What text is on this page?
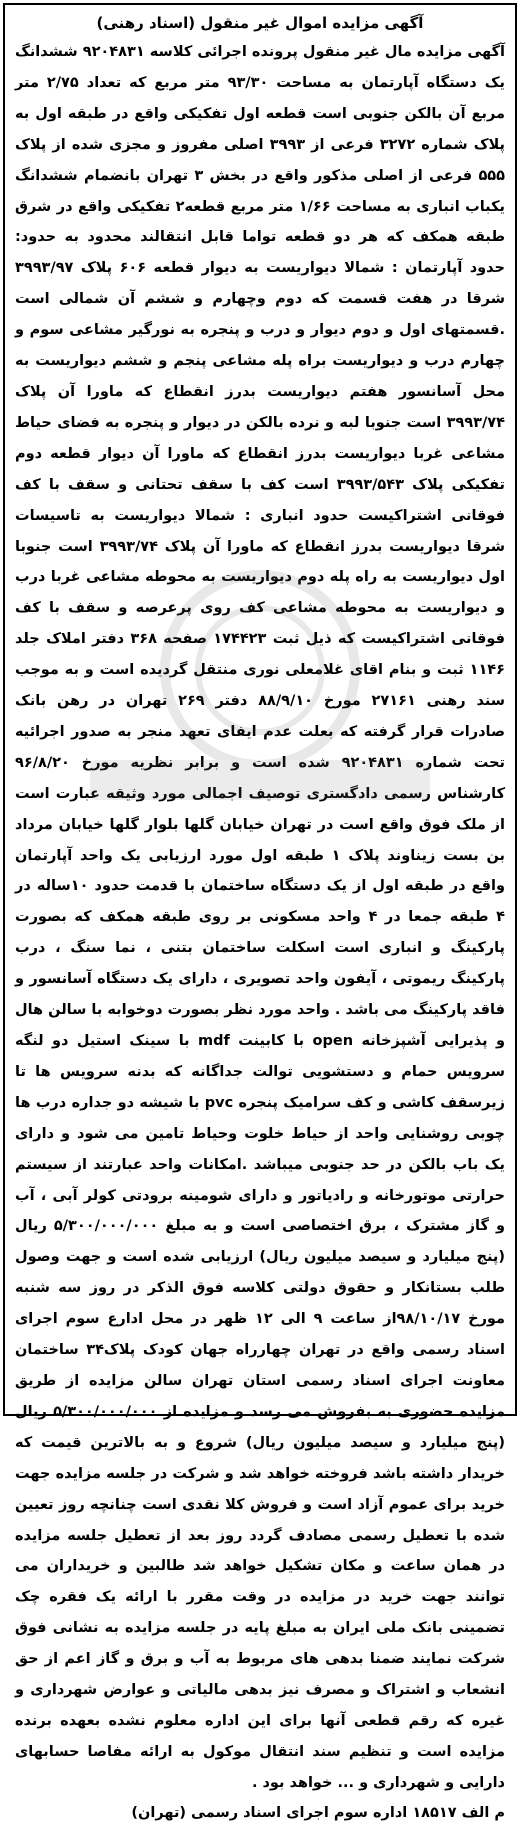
آگهی مزایده اموال غیر منقول (اسناد رهنی)

آگهی مزایده مال غیر منقول پرونده اجرائی کلاسه ۹۲۰۴۸۳۱ ششدانگ یک دستگاه آپارتمان به مساحت ۹۳/۳۰ متر مربع که تعداد ۲/۷۵ متر مربع آن بالکن جنوبی است قطعه اول تفکیکی واقع در طبقه اول به پلاک شماره ۳۲۷۲ فرعی از ۳۹۹۳ اصلی مفروز و مجزی شده از پلاک ۵۵۵ فرعی از اصلی مذکور واقع در بخش ۳ تهران بانضمام ششدانگ یکباب انباری به مساحت ۱/۶۶ متر مربع قطعه۲ تفکیکی واقع در شرق طبقه همکف که هر دو قطعه تواما قابل انتقالند محدود به حدود: حدود آپارتمان : شمالا دیواریست به دیوار قطعه ۶۰۶ پلاک ۳۹۹۳/۹۷ شرقا در هفت قسمت که دوم وچهارم و ششم آن شمالی است .قسمتهای اول و دوم دیوار و درب و پنجره به نورگیر مشاعی سوم و چهارم درب و دیواریست براه پله مشاعی پنجم و ششم دیواریست به محل آسانسور هفتم دیواریست بدرز انقطاع که ماورا آن پلاک ۳۹۹۳/۷۴ است جنوبا لبه و نرده بالکن در دیوار و پنجره به فضای حیاط مشاعی غربا دیواریست بدرز انقطاع که ماورا آن دیوار قطعه دوم تفکیکی پلاک ۳۹۹۳/۵۴۳ است کف با سقف تحتانی و سقف با کف فوقانی اشتراکیست حدود انباری : شمالا دیواریست به تاسیسات شرقا دیواریست بدرز انقطاع که ماورا آن پلاک ۳۹۹۳/۷۴ است جنوبا اول دیواریست به راه پله دوم دیواریست به محوطه مشاعی غربا درب و دیواریست به محوطه مشاعی کف روی پرعرصه و سقف با کف فوقانی اشتراکیست که ذیل ثبت ۱۷۴۴۲۳ صفحه ۳۶۸ دفتر املاک جلد ۱۱۴۶ ثبت و بنام اقای غلامعلی نوری منتقل گردیده است و به موجب سند رهنی ۲۷۱۶۱ مورخ ۸۸/۹/۱۰ دفتر ۲۶۹ تهران در رهن بانک صادرات قرار گرفته که بعلت عدم ایفای تعهد منجر به صدور اجرائیه تحت شماره ۹۲۰۴۸۳۱ شده است و برابر نظریه مورخ ۹۶/۸/۲۰ کارشناس رسمی دادگستری توصیف اجمالی مورد وثیقه عبارت است از ملک فوق واقع است در تهران خیابان گلها بلوار گلها خیابان مرداد بن بست زیناوند پلاک ۱ طبقه اول مورد ارزیابی یک واحد آپارتمان واقع در طبقه اول از یک دستگاه ساختمان با قدمت حدود ۱۰ساله در ۴ طبقه جمعا در ۴ واحد مسکونی بر روی طبقه همکف که بصورت پارکینگ و انباری است اسکلت ساختمان بتنی ، نما سنگ ، درب پارکینگ ریموتی ، آیفون واحد تصویری ، دارای یک دستگاه آسانسور و فاقد پارکینگ می باشد . واحد مورد نظر بصورت دوخوابه با سالن هال و پذیرایی آشپزخانه open با کابینت mdf با سینک استیل دو لنگه سرویس حمام و دستشویی توالت جداگانه که بدنه سرویس ها تا زیرسقف کاشی و کف سرامیک پنجره pvc با شیشه دو جداره درب ها چوبی روشنایی واحد از حیاط خلوت وحیاط تامین می شود و دارای یک باب بالکن در حد جنوبی میباشد .امکانات واحد عبارتند از سیستم حرارتی موتورخانه و رادیاتور و دارای شومینه برودتی کولر آبی ، آب و گاز مشترک ، برق اختصاصی است و به مبلغ ۵/۳۰۰/۰۰۰/۰۰۰ ریال (پنج میلیارد و سیصد میلیون ریال) ارزیابی شده است و جهت وصول طلب بستانکار و حقوق دولتی کلاسه فوق الذکر در روز سه شنبه مورخ ۹۸/۱۰/۱۷از ساعت ۹ الی ۱۲ ظهر در محل ادارع سوم اجرای اسناد رسمی واقع در تهران چهارراه جهان کودک پلاک۳۴ ساختمان معاونت اجرای اسناد رسمی استان تهران سالن مزایده از طریق مزایده حضوری به بفروش می رسد و مزایده از ۵/۳۰۰/۰۰۰/۰۰۰ ریال (پنج میلیارد و سیصد میلیون ریال) شروع و به بالاترین قیمت که خریدار داشته باشد فروخته خواهد شد و شرکت در جلسه مزایده جهت خرید برای عموم آزاد است و فروش کلا نقدی است چنانچه روز تعیین شده با تعطیل رسمی مصادف گردد روز بعد از تعطیل جلسه مزایده در همان ساعت و مکان تشکیل خواهد شد طالبین و خریداران می توانند جهت خرید در مزایده در وقت مقرر با ارائه یک فقره چک تضمینی بانک ملی ایران به مبلغ پایه در جلسه مزایده به نشانی فوق شرکت نمایند ضمنا بدهی های مربوط به آب و برق و گاز اعم از حق انشعاب و اشتراک و مصرف نیز بدهی مالیاتی و عوارض شهرداری و غیره که رقم قطعی آنها برای این اداره معلوم نشده بعهده برنده مزایده است و تنظیم سند انتقال موکول به ارائه مفاصا حسابهای دارایی و شهرداری و ... خواهد بود .

م الف ۱۸۵۱۷ اداره سوم اجرای اسناد رسمی (تهران)
